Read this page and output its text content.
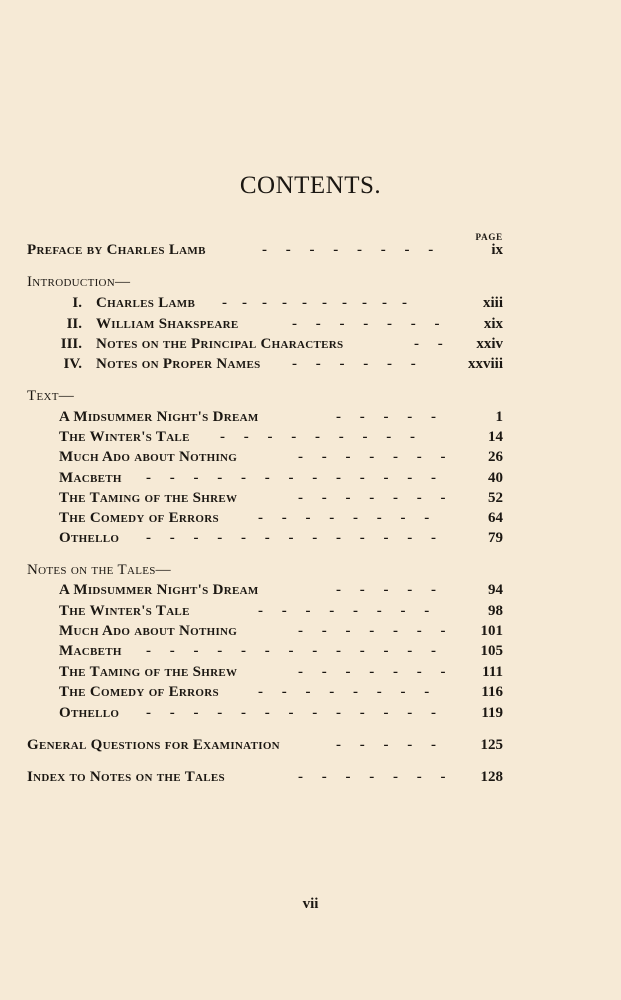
CONTENTS.
PAGE
Preface by Charles Lamb	-     -     -     -     -     -     -     -	ix
Introduction—
I. Charles Lamb -    -    -    -    -    -    -    -    -    -	xiii
II. William Shakspeare	-     -     -     -     -     -     -	xix
III. Notes on the Principal Characters	-     - xxiv
IV. Notes on Proper Names -     -     -     -     -     -	xxviii
Text—
A Midsummer Night's Dream	-     -     -     -     -	1
The Winter's Tale -     -     -     -     -     -     -     -     -	14
Much Ado about Nothing	-     -     -     -     -     -     -	26
Macbeth -     -     -     -     -     -     -     -     -     -     -     -     -	40
The Taming of the Shrew	-     -     -     -     -     -     -	52
The Comedy of Errors	-     -     -     -     -     -     -     -	64
Othello -     -     -     -     -     -     -     -     -     -     -     -     -	79
Notes on the Tales—
A Midsummer Night's Dream	-     -     -     -     -	94
The Winter's Tale	-     -     -     -     -     -     -     -	98
Much Ado about Nothing	-     -     -     -     -     -     - 101
Macbeth -     -     -     -     -     -     -     -     -     -     -     -     -	105
The Taming of the Shrew	-     -     -     -     -     -     - 111
The Comedy of Errors	-     -     -     -     -     -     -     -	116
Othello -     -     -     -     -     -     -     -     -     -     -     -     -	119
General Questions for Examination	-     -     -     -     -	125
Index to Notes on the Tales	-     -     -     -     -     -     - 128
vii
